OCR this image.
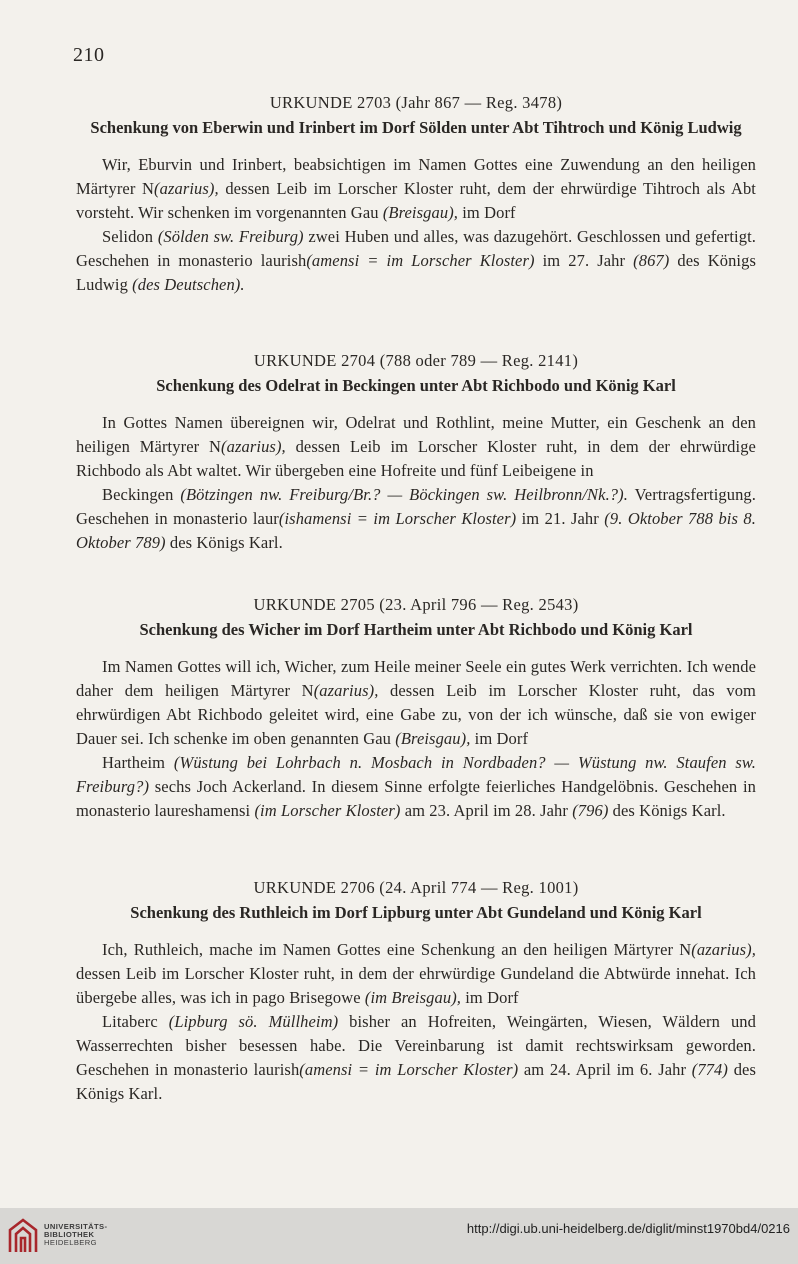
210
URKUNDE 2703 (Jahr 867 — Reg. 3478)
Schenkung von Eberwin und Irinbert im Dorf Sölden unter Abt Tihtroch und König Ludwig
Wir, Eburvin und Irinbert, beabsichtigen im Namen Gottes eine Zuwendung an den heiligen Märtyrer N(azarius), dessen Leib im Lorscher Kloster ruht, dem der ehrwürdige Tihtroch als Abt vorsteht. Wir schenken im vorgenannten Gau (Breisgau), im Dorf
Selidon (Sölden sw. Freiburg) zwei Huben und alles, was dazugehört. Geschlossen und gefertigt. Geschehen in monasterio laurish(amensi = im Lorscher Kloster) im 27. Jahr (867) des Königs Ludwig (des Deutschen).
URKUNDE 2704 (788 oder 789 — Reg. 2141)
Schenkung des Odelrat in Beckingen unter Abt Richbodo und König Karl
In Gottes Namen übereignen wir, Odelrat und Rothlint, meine Mutter, ein Geschenk an den heiligen Märtyrer N(azarius), dessen Leib im Lorscher Kloster ruht, in dem der ehrwürdige Richbodo als Abt waltet. Wir übergeben eine Hofreite und fünf Leibeigene in
Beckingen (Bötzingen nw. Freiburg/Br.? — Böckingen sw. Heilbronn/Nk.?). Vertragsfertigung. Geschehen in monasterio laur(ishamensi = im Lorscher Kloster) im 21. Jahr (9. Oktober 788 bis 8. Oktober 789) des Königs Karl.
URKUNDE 2705 (23. April 796 — Reg. 2543)
Schenkung des Wicher im Dorf Hartheim unter Abt Richbodo und König Karl
Im Namen Gottes will ich, Wicher, zum Heile meiner Seele ein gutes Werk verrichten. Ich wende daher dem heiligen Märtyrer N(azarius), dessen Leib im Lorscher Kloster ruht, das vom ehrwürdigen Abt Richbodo geleitet wird, eine Gabe zu, von der ich wünsche, daß sie von ewiger Dauer sei. Ich schenke im oben genannten Gau (Breisgau), im Dorf
Hartheim (Wüstung bei Lohrbach n. Mosbach in Nordbaden? — Wüstung nw. Staufen sw. Freiburg?) sechs Joch Ackerland. In diesem Sinne erfolgte feierliches Handgelöbnis. Geschehen in monasterio laureshamensi (im Lorscher Kloster) am 23. April im 28. Jahr (796) des Königs Karl.
URKUNDE 2706 (24. April 774 — Reg. 1001)
Schenkung des Ruthleich im Dorf Lipburg unter Abt Gundeland und König Karl
Ich, Ruthleich, mache im Namen Gottes eine Schenkung an den heiligen Märtyrer N(azarius), dessen Leib im Lorscher Kloster ruht, in dem der ehrwürdige Gundeland die Abtwürde innehat. Ich übergebe alles, was ich in pago Brisegowe (im Breisgau), im Dorf
Litaberc (Lipburg sö. Müllheim) bisher an Hofreiten, Weingärten, Wiesen, Wäldern und Wasserrechten bisher besessen habe. Die Vereinbarung ist damit rechtswirksam geworden. Geschehen in monasterio laurish(amensi = im Lorscher Kloster) am 24. April im 6. Jahr (774) des Königs Karl.
UNIVERSITÄTS-
BIBLIOTHEK
HEIDELBERG
http://digi.ub.uni-heidelberg.de/diglit/minst1970bd4/0216
